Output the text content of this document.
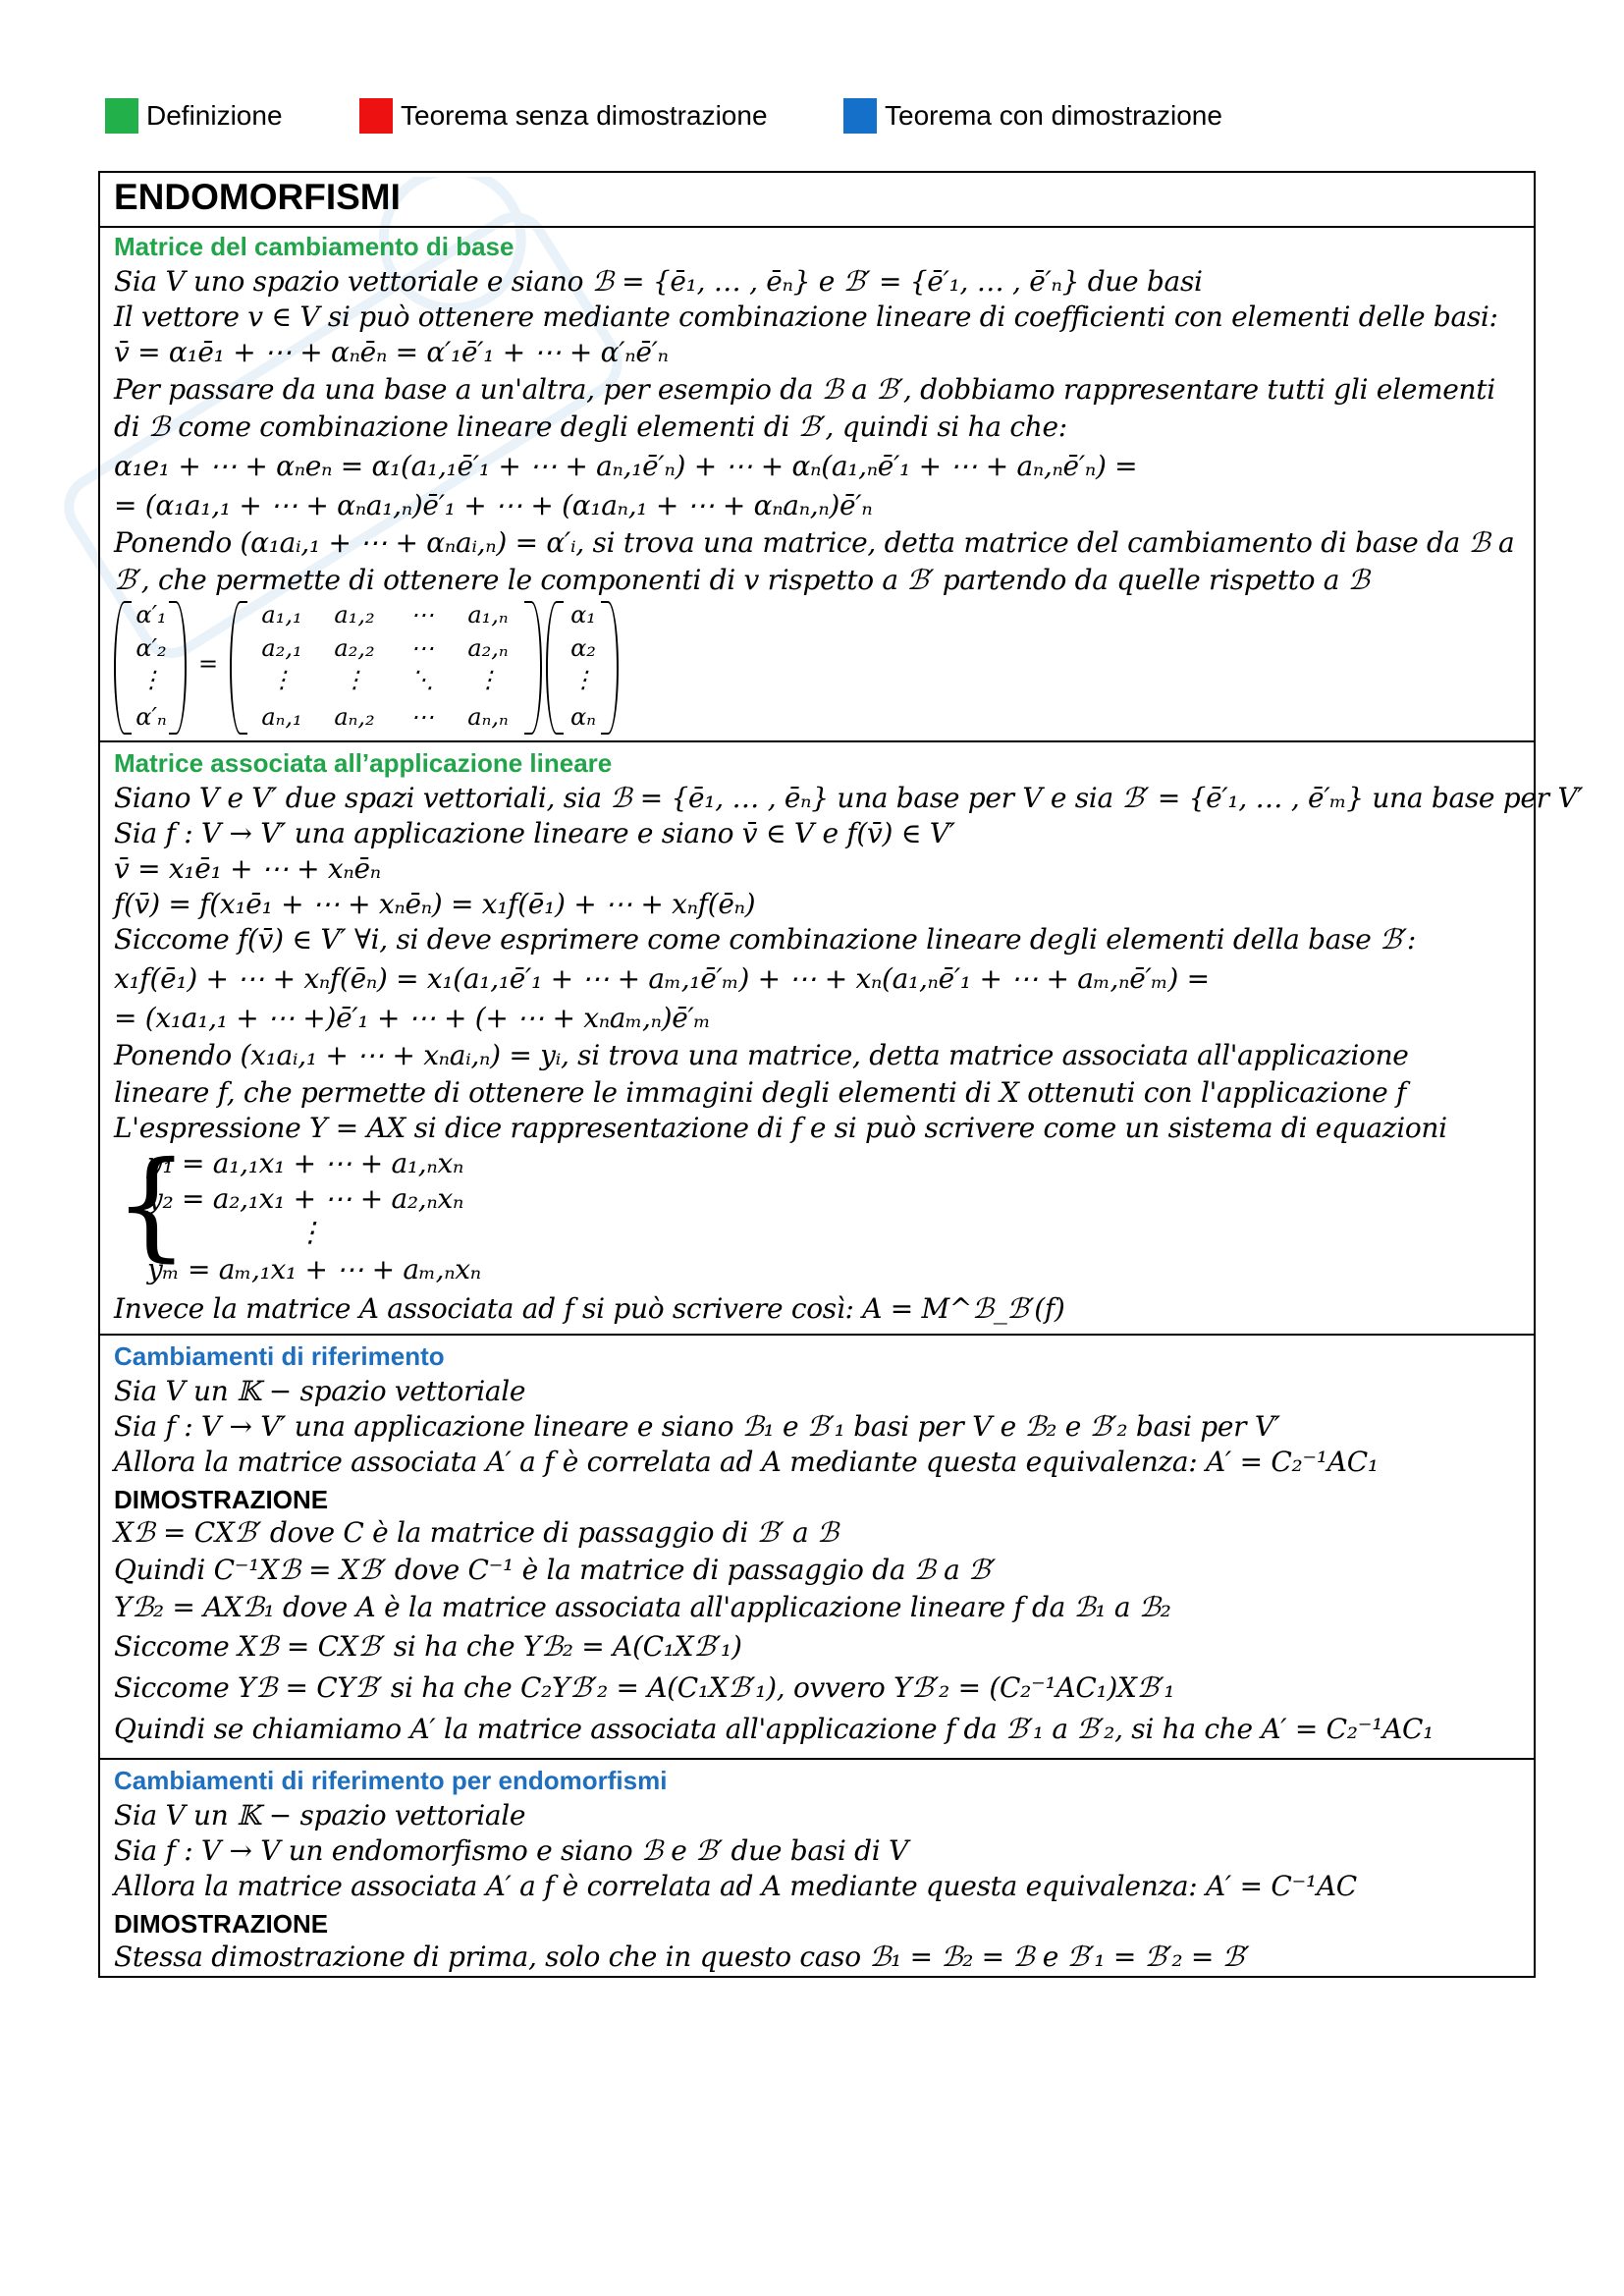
Definizione	Teorema senza dimostrazione	Teorema con dimostrazione
ENDOMORFISMI
Matrice del cambiamento di base
Sia V uno spazio vettoriale e siano ℬ = {ē₁, … , ēₙ} e ℬ′ = {ē′₁, … , ē′ₙ} due basi
Il vettore v ∈ V si può ottenere mediante combinazione lineare di coefficienti con elementi delle basi:
v̄ = α₁ē₁ + ⋯ + αₙēₙ = α′₁ē′₁ + ⋯ + α′ₙē′ₙ
Per passare da una base a un'altra, per esempio da ℬ a ℬ′, dobbiamo rappresentare tutti gli elementi
di ℬ come combinazione lineare degli elementi di ℬ′, quindi si ha che:
α₁e₁ + ⋯ + αₙeₙ = α₁(a₁,₁ē′₁ + ⋯ + aₙ,₁ē′ₙ) + ⋯ + αₙ(a₁,ₙē′₁ + ⋯ + aₙ,ₙē′ₙ) =
= (α₁a₁,₁ + ⋯ + αₙa₁,ₙ)ē′₁ + ⋯ + (α₁aₙ,₁ + ⋯ + αₙaₙ,ₙ)ē′ₙ
Ponendo (α₁aᵢ,₁ + ⋯ + αₙaᵢ,ₙ) = α′ᵢ, si trova una matrice, detta matrice del cambiamento di base da ℬ a
ℬ′, che permette di ottenere le componenti di v rispetto a ℬ′ partendo da quelle rispetto a ℬ
α′₁
α′₂
⋮
α′ₙ
=
a₁,₁	a₁,₂	⋯	a₁,ₙ
a₂,₁	a₂,₂	⋯	a₂,ₙ
⋮	⋮	⋱	⋮
aₙ,₁	aₙ,₂	⋯	aₙ,ₙ
α₁
α₂
⋮
αₙ
Matrice associata all’applicazione lineare
Siano V e V′ due spazi vettoriali, sia ℬ = {ē₁, … , ēₙ} una base per V e sia ℬ′ = {ē′₁, … , ē′ₘ} una base per V′
Sia f : V → V′ una applicazione lineare e siano v̄ ∈ V e f(v̄) ∈ V′
v̄ = x₁ē₁ + ⋯ + xₙēₙ
f(v̄) = f(x₁ē₁ + ⋯ + xₙēₙ) = x₁f(ē₁) + ⋯ + xₙf(ēₙ)
Siccome f(v̄) ∈ V′ ∀i, si deve esprimere come combinazione lineare degli elementi della base ℬ′:
x₁f(ē₁) + ⋯ + xₙf(ēₙ) = x₁(a₁,₁ē′₁ + ⋯ + aₘ,₁ē′ₘ) + ⋯ + xₙ(a₁,ₙē′₁ + ⋯ + aₘ,ₙē′ₘ) =
= (x₁a₁,₁ + ⋯ +)ē′₁ + ⋯ + (+ ⋯ + xₙaₘ,ₙ)ē′ₘ
Ponendo (x₁aᵢ,₁ + ⋯ + xₙaᵢ,ₙ) = yᵢ, si trova una matrice, detta matrice associata all'applicazione
lineare f, che permette di ottenere le immagini degli elementi di X ottenuti con l'applicazione f
L'espressione Y = AX si dice rappresentazione di f e si può scrivere come un sistema di equazioni
{
y₁ = a₁,₁x₁ + ⋯ + a₁,ₙxₙ
y₂ = a₂,₁x₁ + ⋯ + a₂,ₙxₙ
⋮
yₘ = aₘ,₁x₁ + ⋯ + aₘ,ₙxₙ
Invece la matrice A associata ad f si può scrivere così: A = M^ℬ_ℬ′(f)
Cambiamenti di riferimento
Sia V un 𝕂 − spazio vettoriale
Sia f : V → V′ una applicazione lineare e siano ℬ₁ e ℬ′₁ basi per V e ℬ₂ e ℬ′₂ basi per V′
Allora la matrice associata A′ a f è correlata ad A mediante questa equivalenza: A′ = C₂⁻¹AC₁
DIMOSTRAZIONE
Xℬ = CXℬ′ dove C è la matrice di passaggio di ℬ′ a ℬ
Quindi C⁻¹Xℬ = Xℬ′ dove C⁻¹ è la matrice di passaggio da ℬ a ℬ′
Yℬ₂ = AXℬ₁ dove A è la matrice associata all'applicazione lineare f da ℬ₁ a ℬ₂
Siccome Xℬ = CXℬ′ si ha che Yℬ₂ = A(C₁Xℬ′₁)
Siccome Yℬ = CYℬ′ si ha che C₂Yℬ′₂ = A(C₁Xℬ′₁), ovvero Yℬ′₂ = (C₂⁻¹AC₁)Xℬ′₁
Quindi se chiamiamo A′ la matrice associata all'applicazione f da ℬ′₁ a ℬ′₂, si ha che A′ = C₂⁻¹AC₁
Cambiamenti di riferimento per endomorfismi
Sia V un 𝕂 − spazio vettoriale
Sia f : V → V un endomorfismo e siano ℬ e ℬ′ due basi di V
Allora la matrice associata A′ a f è correlata ad A mediante questa equivalenza: A′ = C⁻¹AC
DIMOSTRAZIONE
Stessa dimostrazione di prima, solo che in questo caso ℬ₁ = ℬ₂ = ℬ e ℬ′₁ = ℬ′₂ = ℬ′
